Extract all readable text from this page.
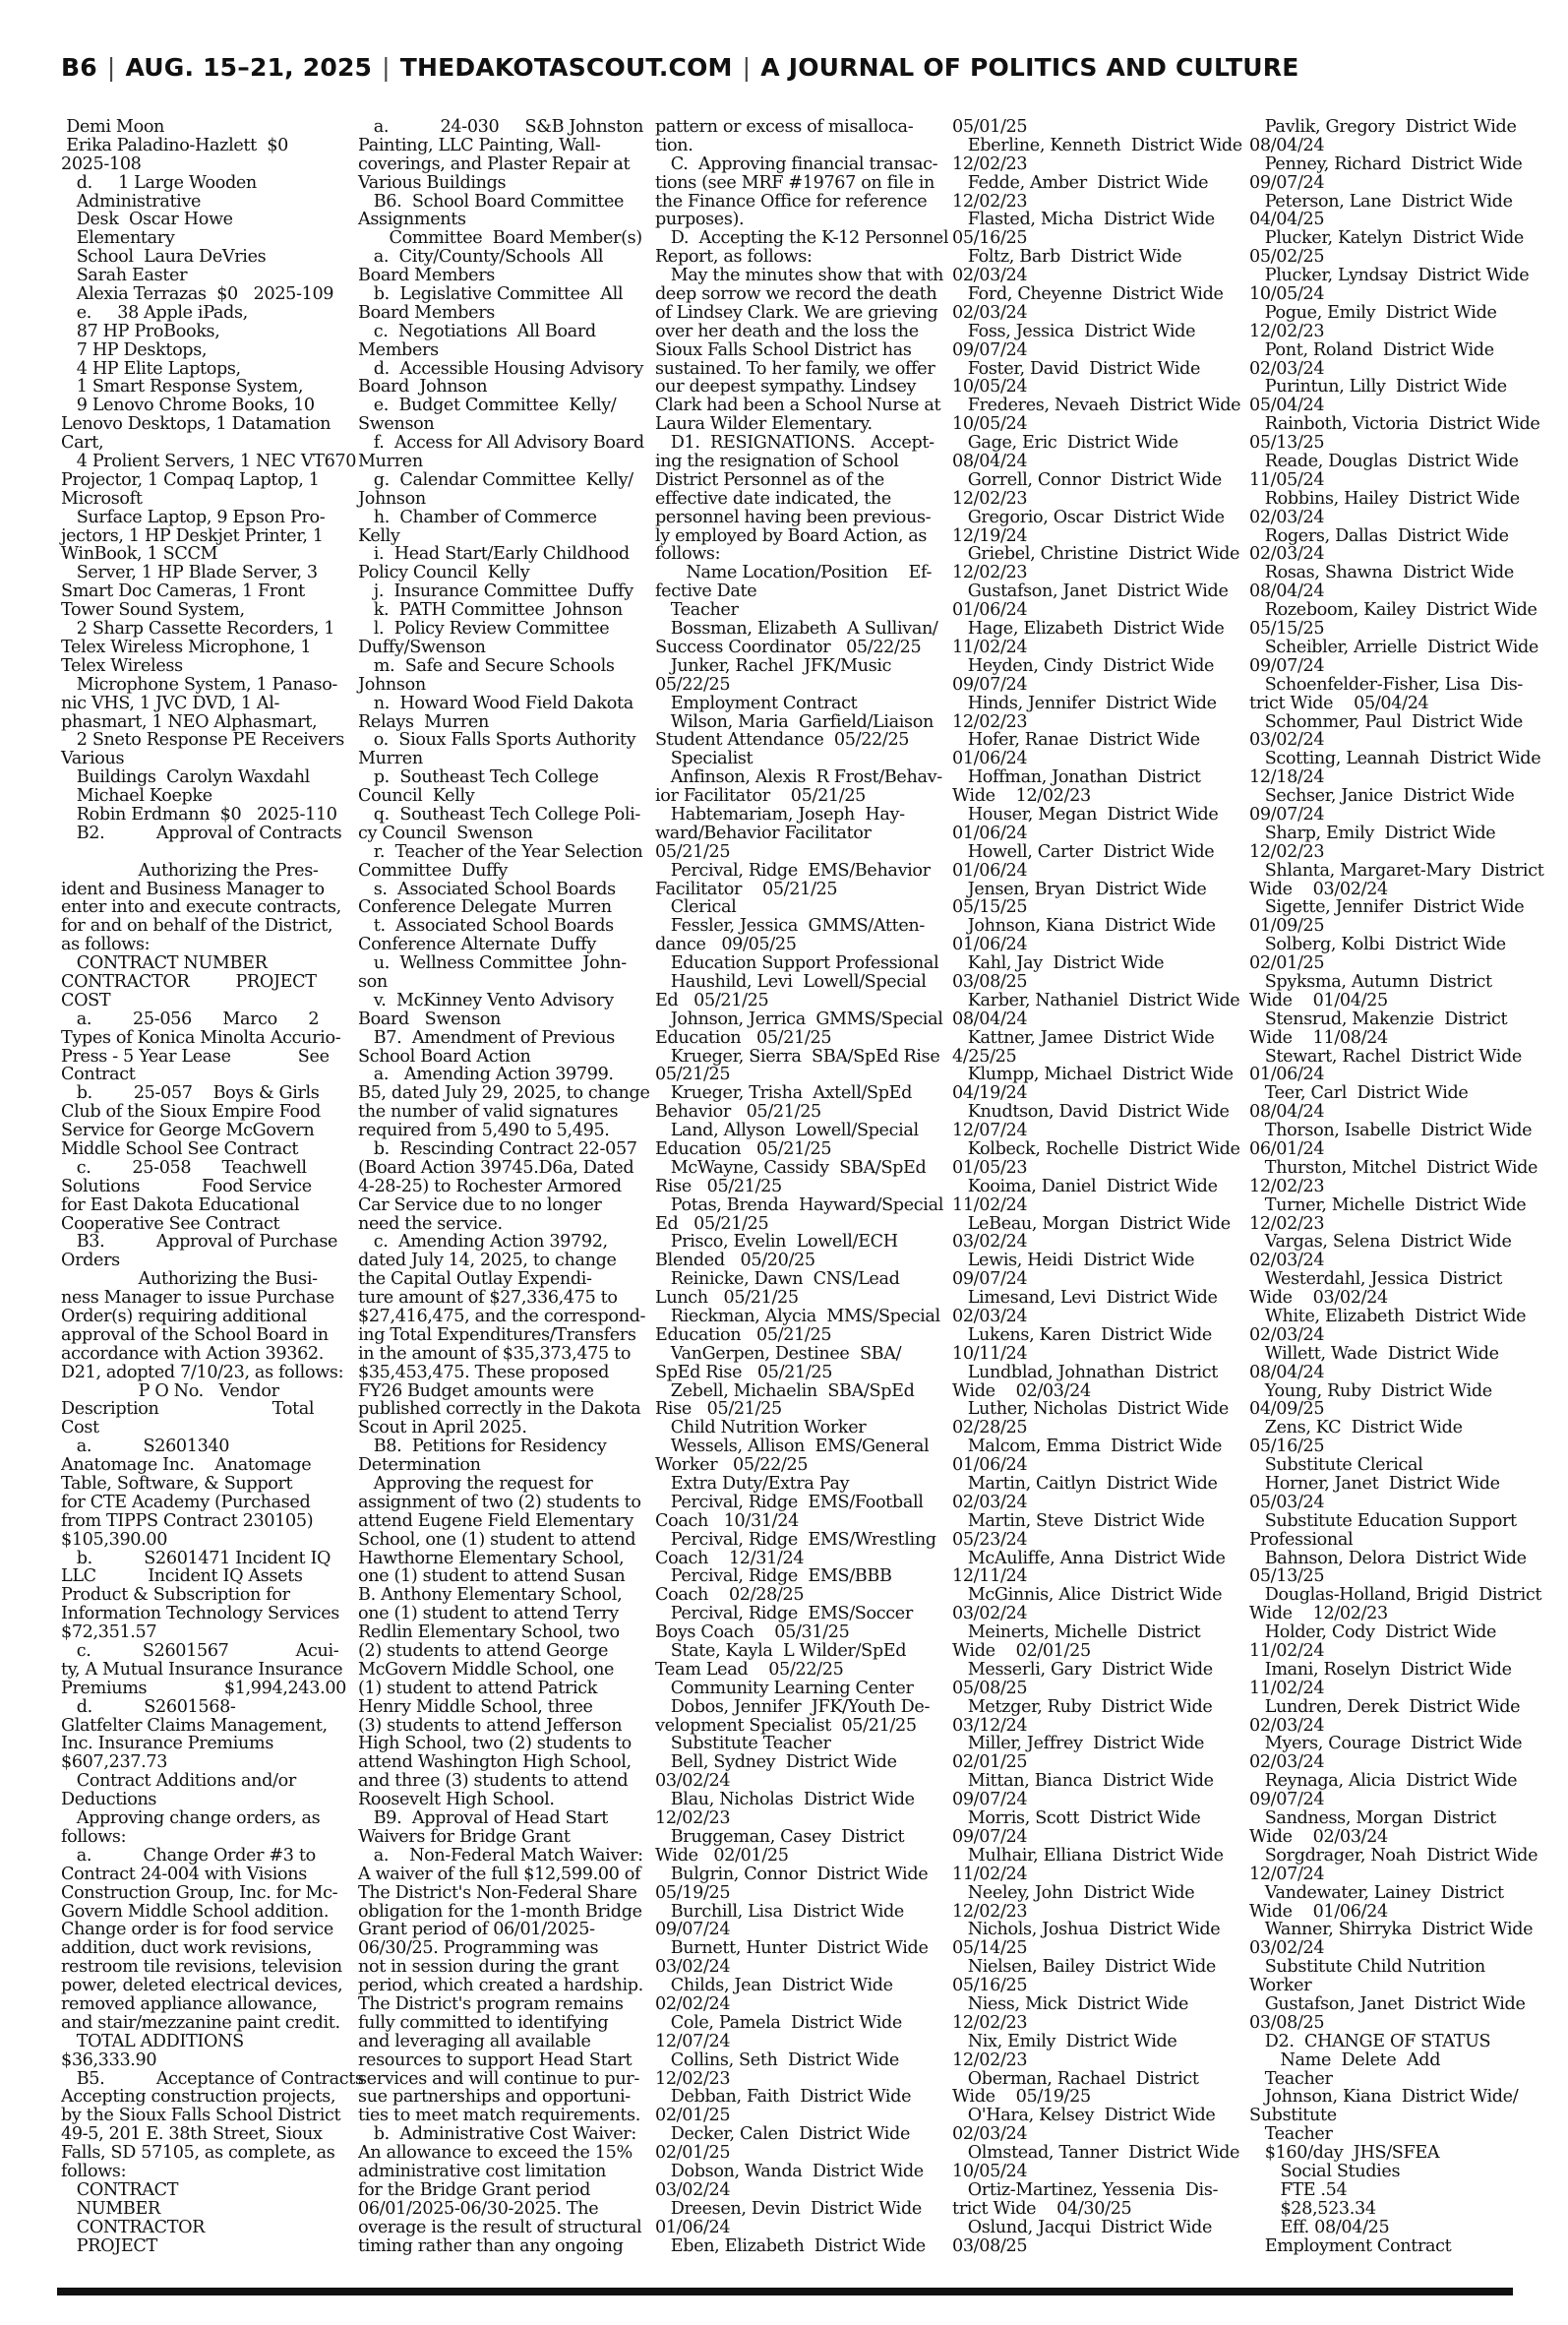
B6 | AUG. 15–21, 2025 | THEDAKOTASCOUT.COM | A JOURNAL OF POLITICS AND CULTURE
Demi Moon
Erika Paladino-Hazlett  $0
2025-108
d.     1 Large Wooden
Administrative
Desk  Oscar Howe
Elementary
School  Laura DeVries
Sarah Easter
Alexia Terrazas  $0   2025-109
e.     38 Apple iPads,
87 HP ProBooks,
7 HP Desktops,
4 HP Elite Laptops,
1 Smart Response System,
9 Lenovo Chrome Books, 10
Lenovo Desktops, 1 Datamation
Cart,
4 Prolient Servers, 1 NEC VT670
Projector, 1 Compaq Laptop, 1
Microsoft
Surface Laptop, 9 Epson Pro-
jectors, 1 HP Deskjet Printer, 1
WinBook, 1 SCCM
Server, 1 HP Blade Server, 3
Smart Doc Cameras, 1 Front
Tower Sound System,
2 Sharp Cassette Recorders, 1
Telex Wireless Microphone, 1
Telex Wireless
Microphone System, 1 Panaso-
nic VHS, 1 JVC DVD, 1 Al-
phasmart, 1 NEO Alphasmart,
2 Sneto Response PE Receivers
Various
Buildings  Carolyn Waxdahl
Michael Koepke
Robin Erdmann  $0   2025-110
B2.          Approval of Contracts

Authorizing the Pres-
ident and Business Manager to
enter into and execute contracts,
for and on behalf of the District,
as follows:
CONTRACT NUMBER
CONTRACTOR         PROJECT
COST
a.        25-056      Marco      2
Types of Konica Minolta Accurio-
Press - 5 Year Lease             See
Contract
b.        25-057    Boys & Girls
Club of the Sioux Empire Food
Service for George McGovern
Middle School See Contract
c.        25-058      Teachwell
Solutions            Food Service
for East Dakota Educational
Cooperative See Contract
B3.          Approval of Purchase
Orders
Authorizing the Busi-
ness Manager to issue Purchase
Order(s) requiring additional
approval of the School Board in
accordance with Action 39362.
D21, adopted 7/10/23, as follows:
P O No.   Vendor
Description                      Total
Cost
a.          S2601340
Anatomage Inc.    Anatomage
Table, Software, & Support
for CTE Academy (Purchased
from TIPPS Contract 230105)
$105,390.00
b.          S2601471 Incident IQ
LLC          Incident IQ Assets
Product & Subscription for
Information Technology Services
$72,351.57
c.          S2601567             Acui-
ty, A Mutual Insurance Insurance
Premiums               $1,994,243.00
d.          S2601568-
Glatfelter Claims Management,
Inc. Insurance Premiums
$607,237.73
Contract Additions and/or
Deductions
Approving change orders, as
follows:
a.          Change Order #3 to
Contract 24-004 with Visions
Construction Group, Inc. for Mc-
Govern Middle School addition.
Change order is for food service
addition, duct work revisions,
restroom tile revisions, television
power, deleted electrical devices,
removed appliance allowance,
and stair/mezzanine paint credit.
TOTAL ADDITIONS
$36,333.90
B5.          Acceptance of Contracts
Accepting construction projects,
by the Sioux Falls School District
49-5, 201 E. 38th Street, Sioux
Falls, SD 57105, as complete, as
follows:
CONTRACT
NUMBER
CONTRACTOR
PROJECT
a.          24-030     S&B Johnston
Painting, LLC Painting, Wall-
coverings, and Plaster Repair at
Various Buildings
B6.  School Board Committee
Assignments
Committee  Board Member(s)
a.  City/County/Schools  All
Board Members
b.  Legislative Committee  All
Board Members
c.  Negotiations  All Board
Members
d.  Accessible Housing Advisory
Board  Johnson
e.  Budget Committee  Kelly/
Swenson
f.  Access for All Advisory Board
Murren
g.  Calendar Committee  Kelly/
Johnson
h.  Chamber of Commerce
Kelly
i.  Head Start/Early Childhood
Policy Council  Kelly
j.  Insurance Committee  Duffy
k.  PATH Committee  Johnson
l.  Policy Review Committee
Duffy/Swenson
m.  Safe and Secure Schools
Johnson
n.  Howard Wood Field Dakota
Relays  Murren
o.  Sioux Falls Sports Authority
Murren
p.  Southeast Tech College
Council  Kelly
q.  Southeast Tech College Poli-
cy Council  Swenson
r.  Teacher of the Year Selection
Committee  Duffy
s.  Associated School Boards
Conference Delegate  Murren
t.  Associated School Boards
Conference Alternate  Duffy
u.  Wellness Committee  John-
son
v.  McKinney Vento Advisory
Board   Swenson
B7.  Amendment of Previous
School Board Action
a.   Amending Action 39799.
B5, dated July 29, 2025, to change
the number of valid signatures
required from 5,490 to 5,495.
b.  Rescinding Contract 22-057
(Board Action 39745.D6a, Dated
4-28-25) to Rochester Armored
Car Service due to no longer
need the service.
c.  Amending Action 39792,
dated July 14, 2025, to change
the Capital Outlay Expendi-
ture amount of $27,336,475 to
$27,416,475, and the correspond-
ing Total Expenditures/Transfers
in the amount of $35,373,475 to
$35,453,475. These proposed
FY26 Budget amounts were
published correctly in the Dakota
Scout in April 2025.
B8.  Petitions for Residency
Determination
Approving the request for
assignment of two (2) students to
attend Eugene Field Elementary
School, one (1) student to attend
Hawthorne Elementary School,
one (1) student to attend Susan
B. Anthony Elementary School,
one (1) student to attend Terry
Redlin Elementary School, two
(2) students to attend George
McGovern Middle School, one
(1) student to attend Patrick
Henry Middle School, three
(3) students to attend Jefferson
High School, two (2) students to
attend Washington High School,
and three (3) students to attend
Roosevelt High School.
B9.  Approval of Head Start
Waivers for Bridge Grant
a.    Non-Federal Match Waiver:
A waiver of the full $12,599.00 of
The District's Non-Federal Share
obligation for the 1-month Bridge
Grant period of 06/01/2025-
06/30/25. Programming was
not in session during the grant
period, which created a hardship.
The District's program remains
fully committed to identifying
and leveraging all available
resources to support Head Start
services and will continue to pur-
sue partnerships and opportuni-
ties to meet match requirements.
b.  Administrative Cost Waiver:
An allowance to exceed the 15%
administrative cost limitation
for the Bridge Grant period
06/01/2025-06/30-2025. The
overage is the result of structural
timing rather than any ongoing
pattern or excess of misalloca-
tion.
C.  Approving financial transac-
tions (see MRF #19767 on file in
the Finance Office for reference
purposes).
D.  Accepting the K-12 Personnel
Report, as follows:
May the minutes show that with
deep sorrow we record the death
of Lindsey Clark. We are grieving
over her death and the loss the
Sioux Falls School District has
sustained. To her family, we offer
our deepest sympathy. Lindsey
Clark had been a School Nurse at
Laura Wilder Elementary.
D1.  RESIGNATIONS.   Accept-
ing the resignation of School
District Personnel as of the
effective date indicated, the
personnel having been previous-
ly employed by Board Action, as
follows:
Name Location/Position    Ef-
fective Date
Teacher
Bossman, Elizabeth  A Sullivan/
Success Coordinator   05/22/25
Junker, Rachel  JFK/Music
05/22/25
Employment Contract
Wilson, Maria  Garfield/Liaison
Student Attendance  05/22/25
Specialist
Anfinson, Alexis  R Frost/Behav-
ior Facilitator    05/21/25
Habtemariam, Joseph  Hay-
ward/Behavior Facilitator
05/21/25
Percival, Ridge  EMS/Behavior
Facilitator    05/21/25
Clerical
Fessler, Jessica  GMMS/Atten-
dance   09/05/25
Education Support Professional
Haushild, Levi  Lowell/Special
Ed   05/21/25
Johnson, Jerrica  GMMS/Special
Education   05/21/25
Krueger, Sierra  SBA/SpEd Rise
05/21/25
Krueger, Trisha  Axtell/SpEd
Behavior   05/21/25
Land, Allyson  Lowell/Special
Education   05/21/25
McWayne, Cassidy  SBA/SpEd
Rise   05/21/25
Potas, Brenda  Hayward/Special
Ed   05/21/25
Prisco, Evelin  Lowell/ECH
Blended   05/20/25
Reinicke, Dawn  CNS/Lead
Lunch   05/21/25
Rieckman, Alycia  MMS/Special
Education   05/21/25
VanGerpen, Destinee  SBA/
SpEd Rise   05/21/25
Zebell, Michaelin  SBA/SpEd
Rise   05/21/25
Child Nutrition Worker
Wessels, Allison  EMS/General
Worker   05/22/25
Extra Duty/Extra Pay
Percival, Ridge  EMS/Football
Coach   10/31/24
Percival, Ridge  EMS/Wrestling
Coach    12/31/24
Percival, Ridge  EMS/BBB
Coach    02/28/25
Percival, Ridge  EMS/Soccer
Boys Coach    05/31/25
State, Kayla  L Wilder/SpEd
Team Lead    05/22/25
Community Learning Center
Dobos, Jennifer  JFK/Youth De-
velopment Specialist  05/21/25
Substitute Teacher
Bell, Sydney  District Wide
03/02/24
Blau, Nicholas  District Wide
12/02/23
Bruggeman, Casey  District
Wide   02/01/25
Bulgrin, Connor  District Wide
05/19/25
Burchill, Lisa  District Wide
09/07/24
Burnett, Hunter  District Wide
03/02/24
Childs, Jean  District Wide
02/02/24
Cole, Pamela  District Wide
12/07/24
Collins, Seth  District Wide
12/02/23
Debban, Faith  District Wide
02/01/25
Decker, Calen  District Wide
02/01/25
Dobson, Wanda  District Wide
03/02/24
Dreesen, Devin  District Wide
01/06/24
Eben, Elizabeth  District Wide
05/01/25
Eberline, Kenneth  District Wide
12/02/23
Fedde, Amber  District Wide
12/02/23
Flasted, Micha  District Wide
05/16/25
Foltz, Barb  District Wide
02/03/24
Ford, Cheyenne  District Wide
02/03/24
Foss, Jessica  District Wide
09/07/24
Foster, David  District Wide
10/05/24
Frederes, Nevaeh  District Wide
10/05/24
Gage, Eric  District Wide
08/04/24
Gorrell, Connor  District Wide
12/02/23
Gregorio, Oscar  District Wide
12/19/24
Griebel, Christine  District Wide
12/02/23
Gustafson, Janet  District Wide
01/06/24
Hage, Elizabeth  District Wide
11/02/24
Heyden, Cindy  District Wide
09/07/24
Hinds, Jennifer  District Wide
12/02/23
Hofer, Ranae  District Wide
01/06/24
Hoffman, Jonathan  District
Wide    12/02/23
Houser, Megan  District Wide
01/06/24
Howell, Carter  District Wide
01/06/24
Jensen, Bryan  District Wide
05/15/25
Johnson, Kiana  District Wide
01/06/24
Kahl, Jay  District Wide
03/08/25
Karber, Nathaniel  District Wide
08/04/24
Kattner, Jamee  District Wide
4/25/25
Klumpp, Michael  District Wide
04/19/24
Knudtson, David  District Wide
12/07/24
Kolbeck, Rochelle  District Wide
01/05/23
Kooima, Daniel  District Wide
11/02/24
LeBeau, Morgan  District Wide
03/02/24
Lewis, Heidi  District Wide
09/07/24
Limesand, Levi  District Wide
02/03/24
Lukens, Karen  District Wide
10/11/24
Lundblad, Johnathan  District
Wide    02/03/24
Luther, Nicholas  District Wide
02/28/25
Malcom, Emma  District Wide
01/06/24
Martin, Caitlyn  District Wide
02/03/24
Martin, Steve  District Wide
05/23/24
McAuliffe, Anna  District Wide
12/11/24
McGinnis, Alice  District Wide
03/02/24
Meinerts, Michelle  District
Wide    02/01/25
Messerli, Gary  District Wide
05/08/25
Metzger, Ruby  District Wide
03/12/24
Miller, Jeffrey  District Wide
02/01/25
Mittan, Bianca  District Wide
09/07/24
Morris, Scott  District Wide
09/07/24
Mulhair, Elliana  District Wide
11/02/24
Neeley, John  District Wide
12/02/23
Nichols, Joshua  District Wide
05/14/25
Nielsen, Bailey  District Wide
05/16/25
Niess, Mick  District Wide
12/02/23
Nix, Emily  District Wide
12/02/23
Oberman, Rachael  District
Wide    05/19/25
O'Hara, Kelsey  District Wide
02/03/24
Olmstead, Tanner  District Wide
10/05/24
Ortiz-Martinez, Yessenia  Dis-
trict Wide    04/30/25
Oslund, Jacqui  District Wide
03/08/25
Pavlik, Gregory  District Wide
08/04/24
Penney, Richard  District Wide
09/07/24
Peterson, Lane  District Wide
04/04/25
Plucker, Katelyn  District Wide
05/02/25
Plucker, Lyndsay  District Wide
10/05/24
Pogue, Emily  District Wide
12/02/23
Pont, Roland  District Wide
02/03/24
Purintun, Lilly  District Wide
05/04/24
Rainboth, Victoria  District Wide
05/13/25
Reade, Douglas  District Wide
11/05/24
Robbins, Hailey  District Wide
02/03/24
Rogers, Dallas  District Wide
02/03/24
Rosas, Shawna  District Wide
08/04/24
Rozeboom, Kailey  District Wide
05/15/25
Scheibler, Arrielle  District Wide
09/07/24
Schoenfelder-Fisher, Lisa  Dis-
trict Wide    05/04/24
Schommer, Paul  District Wide
03/02/24
Scotting, Leannah  District Wide
12/18/24
Sechser, Janice  District Wide
09/07/24
Sharp, Emily  District Wide
12/02/23
Shlanta, Margaret-Mary  District
Wide    03/02/24
Sigette, Jennifer  District Wide
01/09/25
Solberg, Kolbi  District Wide
02/01/25
Spyksma, Autumn  District
Wide    01/04/25
Stensrud, Makenzie  District
Wide    11/08/24
Stewart, Rachel  District Wide
01/06/24
Teer, Carl  District Wide
08/04/24
Thorson, Isabelle  District Wide
06/01/24
Thurston, Mitchel  District Wide
12/02/23
Turner, Michelle  District Wide
12/02/23
Vargas, Selena  District Wide
02/03/24
Westerdahl, Jessica  District
Wide    03/02/24
White, Elizabeth  District Wide
02/03/24
Willett, Wade  District Wide
08/04/24
Young, Ruby  District Wide
04/09/25
Zens, KC  District Wide
05/16/25
Substitute Clerical
Horner, Janet  District Wide
05/03/24
Substitute Education Support
Professional
Bahnson, Delora  District Wide
05/13/25
Douglas-Holland, Brigid  District
Wide    12/02/23
Holder, Cody  District Wide
11/02/24
Imani, Roselyn  District Wide
11/02/24
Lundren, Derek  District Wide
02/03/24
Myers, Courage  District Wide
02/03/24
Reynaga, Alicia  District Wide
09/07/24
Sandness, Morgan  District
Wide    02/03/24
Sorgdrager, Noah  District Wide
12/07/24
Vandewater, Lainey  District
Wide    01/06/24
Wanner, Shirryka  District Wide
03/02/24
Substitute Child Nutrition
Worker
Gustafson, Janet  District Wide
03/08/25
D2.  CHANGE OF STATUS
Name  Delete  Add
Teacher
Johnson, Kiana  District Wide/
Substitute
Teacher
$160/day  JHS/SFEA
Social Studies
FTE .54
$28,523.34
Eff. 08/04/25
Employment Contract
